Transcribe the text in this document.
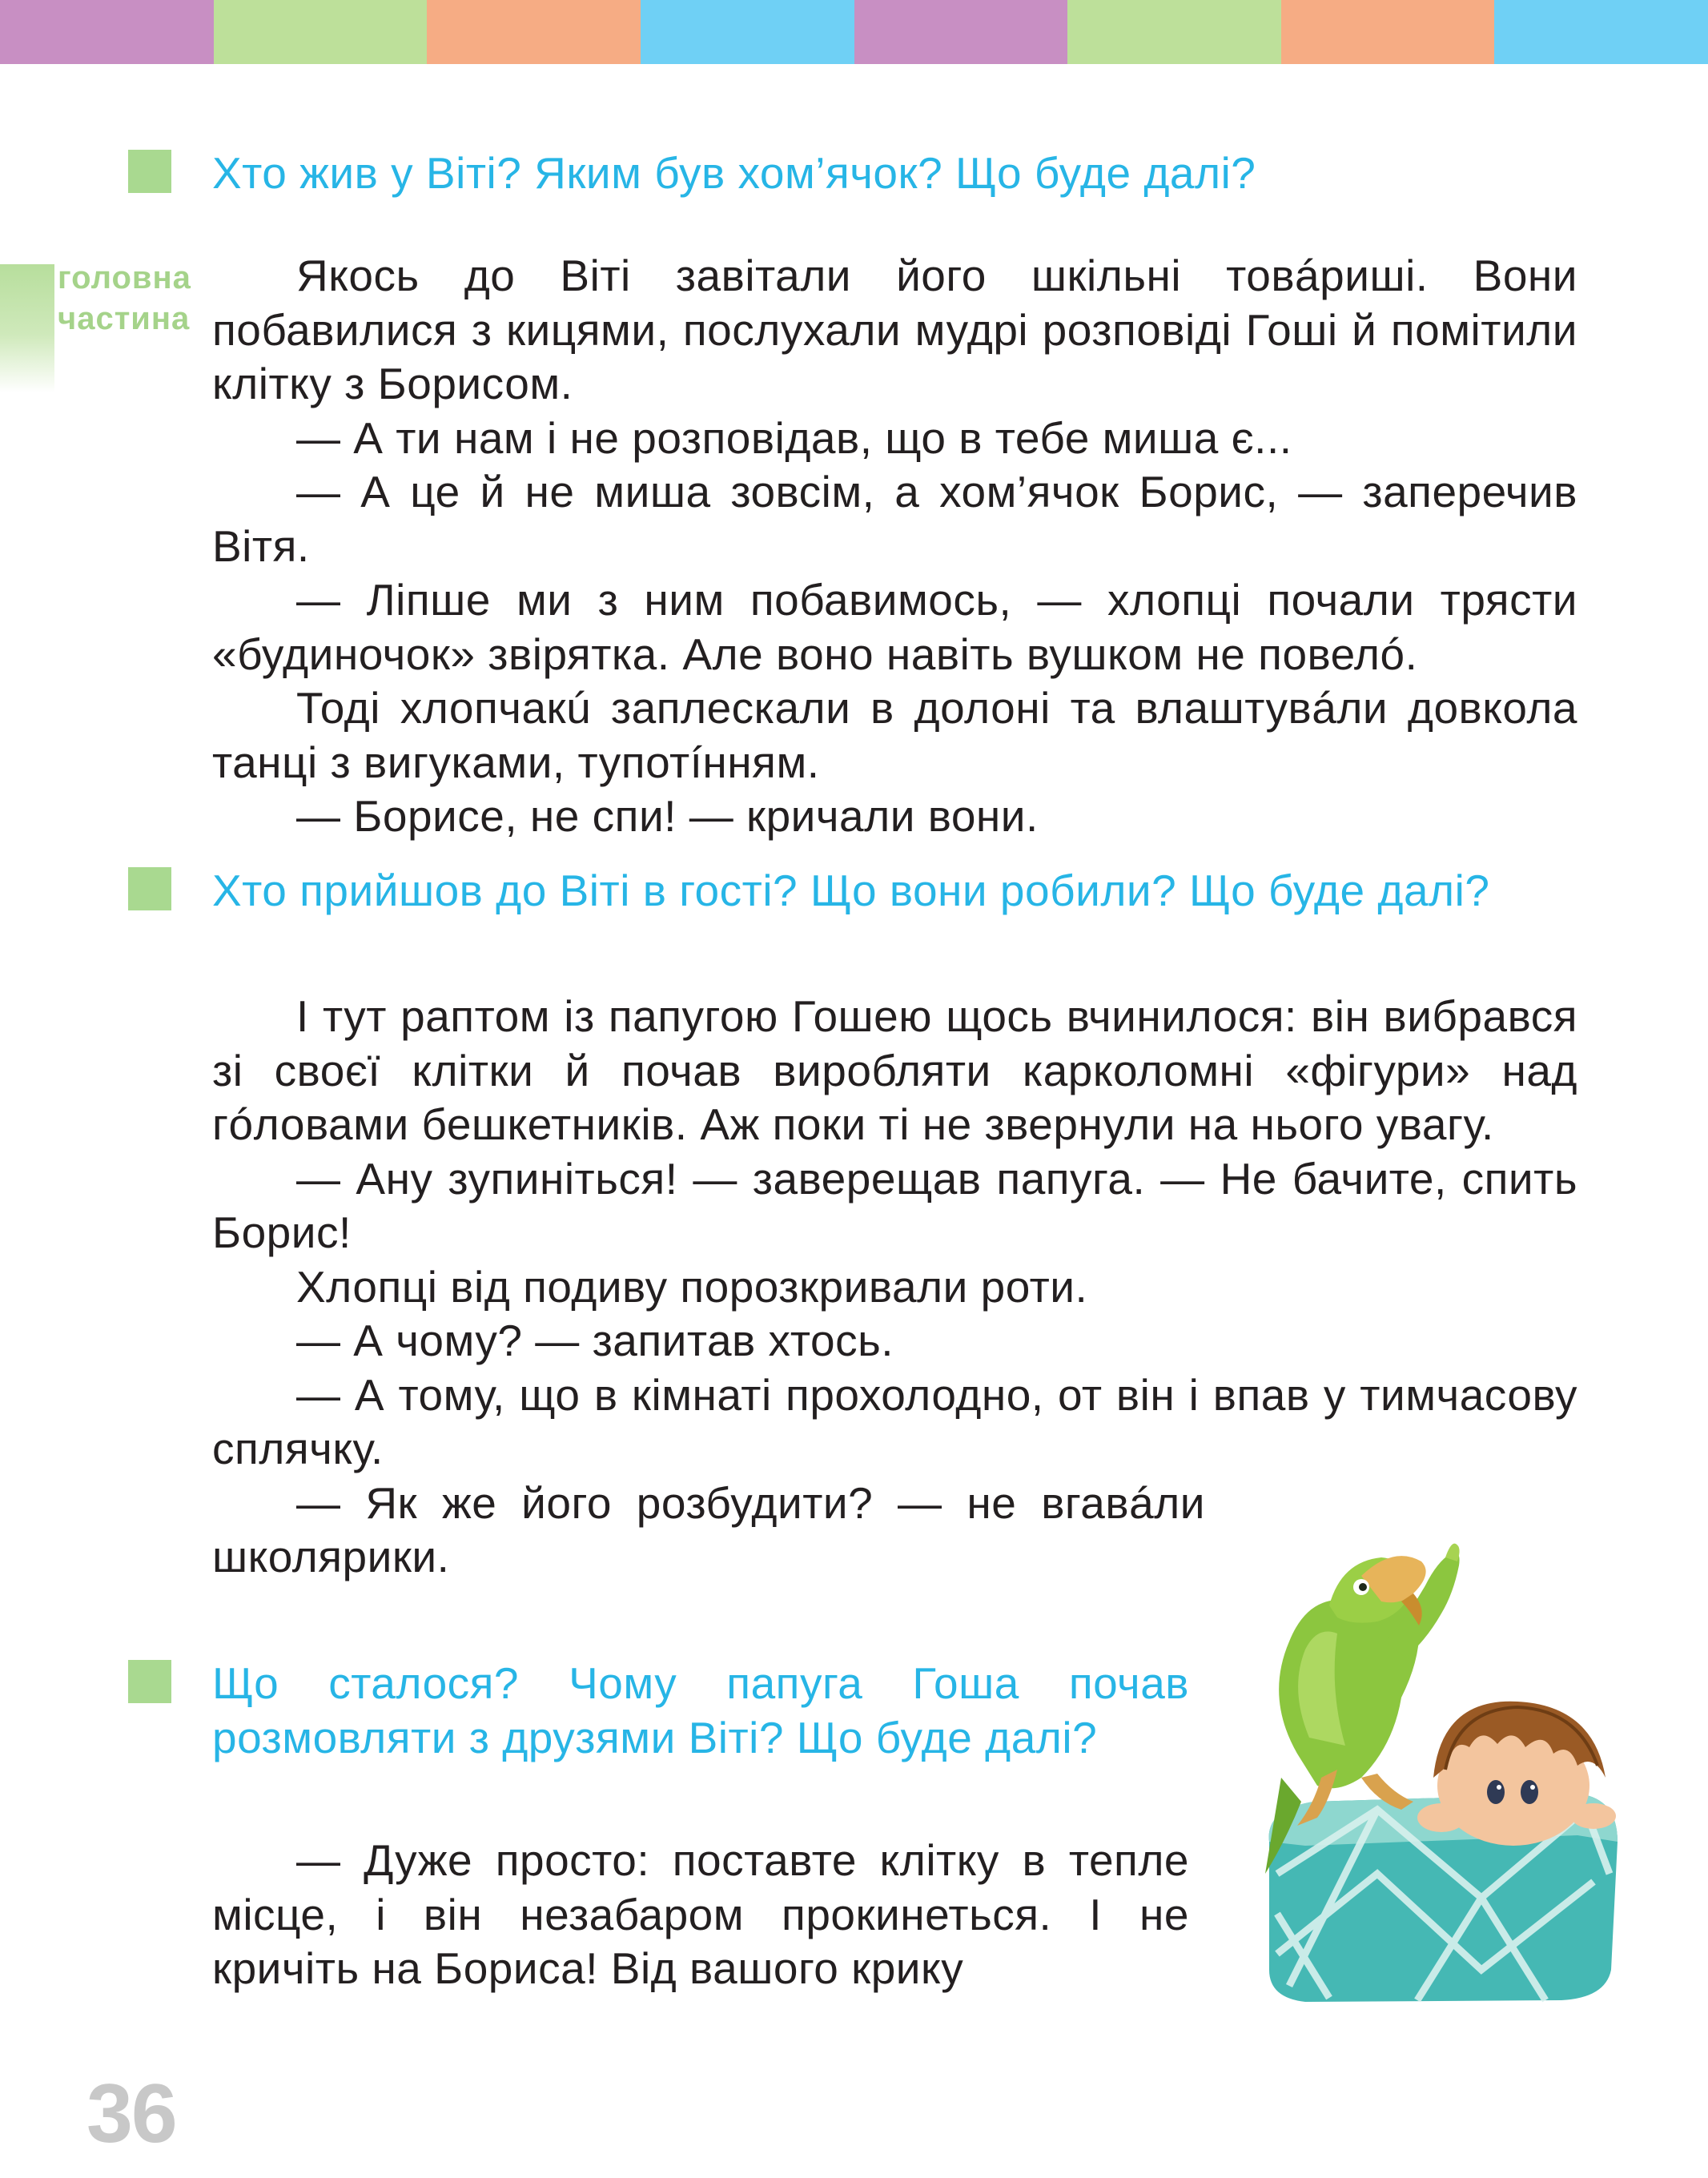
Хто жив у Віті? Яким був хом’ячок? Що буде далі?

головна
частина

Якось до Віті завітали його шкільні товáриші. Вони побавилися з кицями, послухали мудрі розповіді Гоші й помітили клітку з Борисом.

— А ти нам і не розповідав, що в тебе миша є...

— А це й не миша зовсім, а хом’ячок Борис, — заперечив Вітя.

— Ліпше ми з ним побавимось, — хлопці почали трясти «будиночок» звірятка. Але воно навіть вушком не повелó.

Тоді хлопчакú заплескали в долоні та влаштувáли довкола танці з вигуками, тупотíнням.

— Борисе, не спи! — кричали вони.

Хто прийшов до Віті в гості? Що вони робили? Що буде далі?

І тут раптом із папугою Гошею щось вчинилося: він вибрався зі своєї клітки й почав виробляти карколомні «фігури» над гóловами бешкетників. Аж поки ті не звернули на нього увагу.

— Ану зупиніться! — заверещав папуга. — Не бачите, спить Борис!

Хлопці від подиву порозкривали роти.

— А чому? — запитав хтось.

— А тому, що в кімнаті прохолодно, от він і впав у тимчасову сплячку.

— Як же його розбудити? — не вгавáли школярики.

Що сталося? Чому папуга Гоша почав розмовляти з друзями Віті? Що буде далі?

— Дуже просто: поставте клітку в тепле місце, і він незабаром прокинеться. І не кричіть на Бориса! Від вашого крику

36
